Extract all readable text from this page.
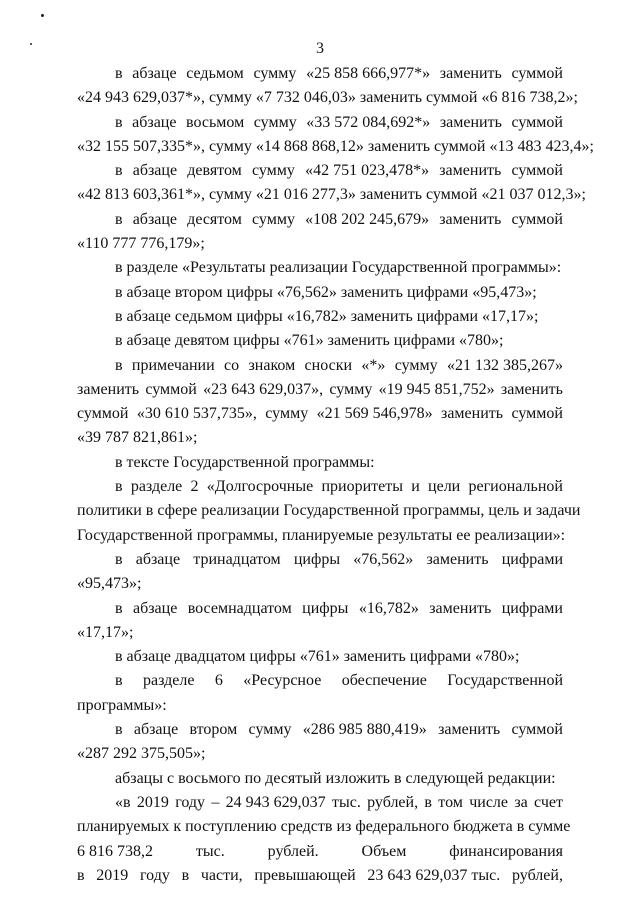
3
в абзаце седьмом сумму «25 858 666,977*» заменить суммой
«24 943 629,037*», сумму «7 732 046,03» заменить суммой «6 816 738,2»;
в абзаце восьмом сумму «33 572 084,692*» заменить суммой
«32 155 507,335*», сумму «14 868 868,12» заменить суммой «13 483 423,4»;
в абзаце девятом сумму «42 751 023,478*» заменить суммой
«42 813 603,361*», сумму «21 016 277,3» заменить суммой «21 037 012,3»;
в абзаце десятом сумму «108 202 245,679» заменить суммой
«110 777 776,179»;

в разделе «Результаты реализации Государственной программы»:

в абзаце втором цифры «76,562» заменить цифрами «95,473»;

в абзаце седьмом цифры «16,782» заменить цифрами «17,17»;

в абзаце девятом цифры «761» заменить цифрами «780»;

в примечании со знаком сноски «*» сумму «21 132 385,267»
заменить суммой «23 643 629,037», сумму «19 945 851,752» заменить
суммой «30 610 537,735», сумму «21 569 546,978» заменить суммой
«39 787 821,861»;

в тексте Государственной программы:

в разделе 2 «Долгосрочные приоритеты и цели региональной
политики в сфере реализации Государственной программы, цель и задачи
Государственной программы, планируемые результаты ее реализации»:

в абзаце тринадцатом цифры «76,562» заменить цифрами «95,473»;

в абзаце восемнадцатом цифры «16,782» заменить цифрами «17,17»;

в абзаце двадцатом цифры «761» заменить цифрами «780»;

в разделе 6 «Ресурсное обеспечение Государственной программы»:

в абзаце втором сумму «286 985 880,419» заменить суммой
«287 292 375,505»;

абзацы с восьмого по десятый изложить в следующей редакции:

«в 2019 году – 24 943 629,037 тыс. рублей, в том числе за счет
планируемых к поступлению средств из федерального бюджета в сумме
6 816 738,2	тыс.	рублей.	Объем	финансирования
в 2019 году в части, превышающей 23 643 629,037 тыс. рублей,
